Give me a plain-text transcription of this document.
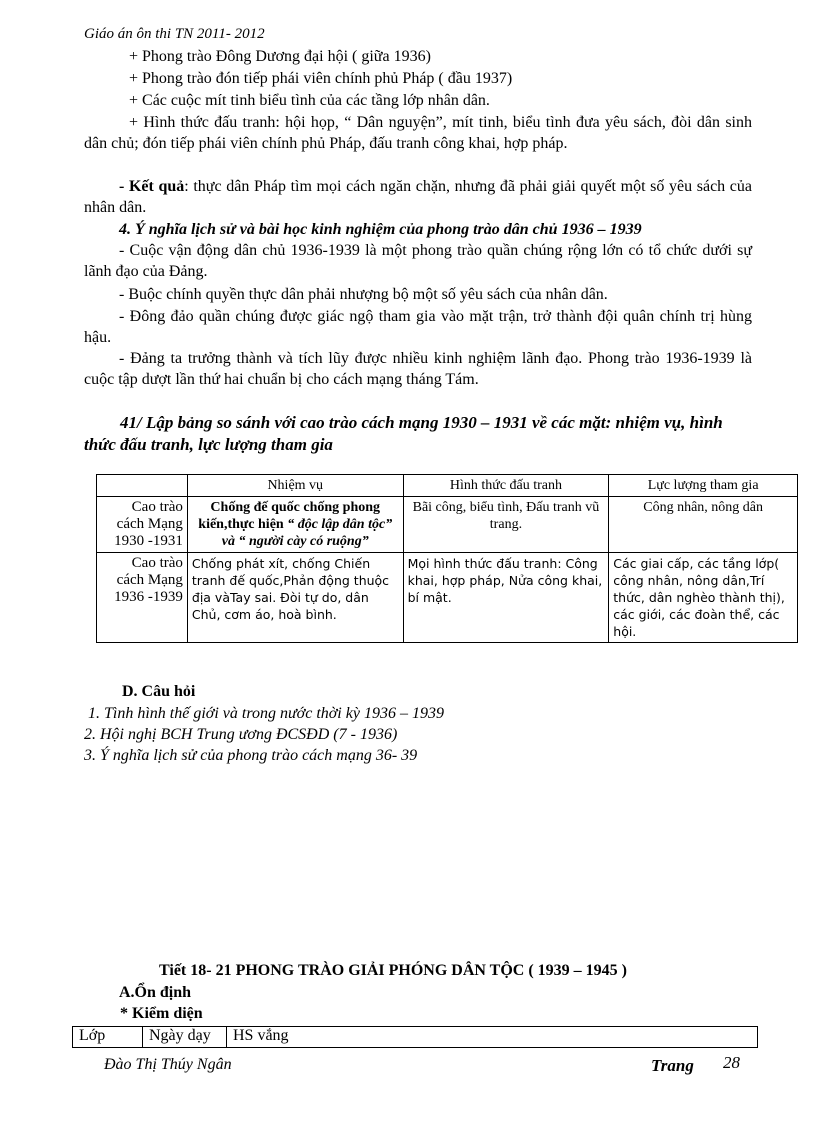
Giáo án ôn thi TN 2011- 2012
+ Phong trào Đông Dương đại hội ( giữa 1936)
+ Phong trào đón tiếp phái viên chính phủ Pháp ( đầu 1937)
+ Các cuộc mít tinh biểu tình của các tầng lớp nhân dân.
+ Hình thức đấu tranh: hội họp, “ Dân nguyện”, mít tinh, biểu tình đưa yêu sách, đòi dân sinh dân chủ; đón tiếp phái viên chính phủ Pháp, đấu tranh công khai, hợp pháp.
- Kết quả: thực dân Pháp tìm mọi cách ngăn chặn, nhưng đã phải giải quyết một số yêu sách của nhân dân.
4. Ý nghĩa lịch sử và bài học kinh nghiệm của phong trào dân chủ 1936 – 1939
- Cuộc vận động dân chủ 1936-1939 là một phong trào quần chúng rộng lớn có tổ chức dưới sự lãnh đạo của Đảng.
- Buộc chính quyền thực dân phải nhượng bộ một số yêu sách của nhân dân.
- Đông đảo quần chúng được giác ngộ tham gia vào mặt trận, trở thành đội quân chính trị hùng hậu.
- Đảng ta trưởng thành và tích lũy được nhiều kinh nghiệm lãnh đạo. Phong trào 1936-1939 là cuộc tập dượt lần thứ hai chuẩn bị cho cách mạng tháng Tám.
41/ Lập bảng so sánh với cao trào cách mạng 1930 – 1931 về các mặt: nhiệm vụ, hình thức đấu tranh, lực lượng tham gia
	Nhiệm vụ	Hình thức đấu tranh	Lực lượng tham gia
Cao trào cách Mạng 1930 -1931	Chống đế quốc chống phong kiến,thực hiện “ độc lập dân tộc” và “ người cày có ruộng”	Bãi công, biểu tình, Đấu tranh vũ trang.	Công nhân, nông dân
Cao trào cách Mạng 1936 -1939	Chống phát xít, chống Chiến tranh đế quốc,Phản động thuộc địa vàTay sai. Đòi tự do, dân Chủ, cơm áo, hoà bình.	Mọi hình thức đấu tranh: Công khai, hợp pháp, Nửa công khai, bí mật.	Các giai cấp, các tầng lớp( công nhân, nông dân,Trí thức, dân nghèo thành thị), các giới, các đoàn thể, các hội.
D. Câu hỏi
1. Tình hình thế giới và trong nước thời kỳ 1936 – 1939
2. Hội nghị BCH Trung ương ĐCSĐD (7 - 1936)
3. Ý nghĩa lịch sử của phong trào cách mạng 36- 39
Tiết 18- 21 PHONG TRÀO GIẢI PHÓNG DÂN TỘC ( 1939 – 1945 )
A.Ổn định
* Kiểm diện
Lớp	Ngày dạy	HS vắng
Đào Thị Thúy Ngân	Trang 28
